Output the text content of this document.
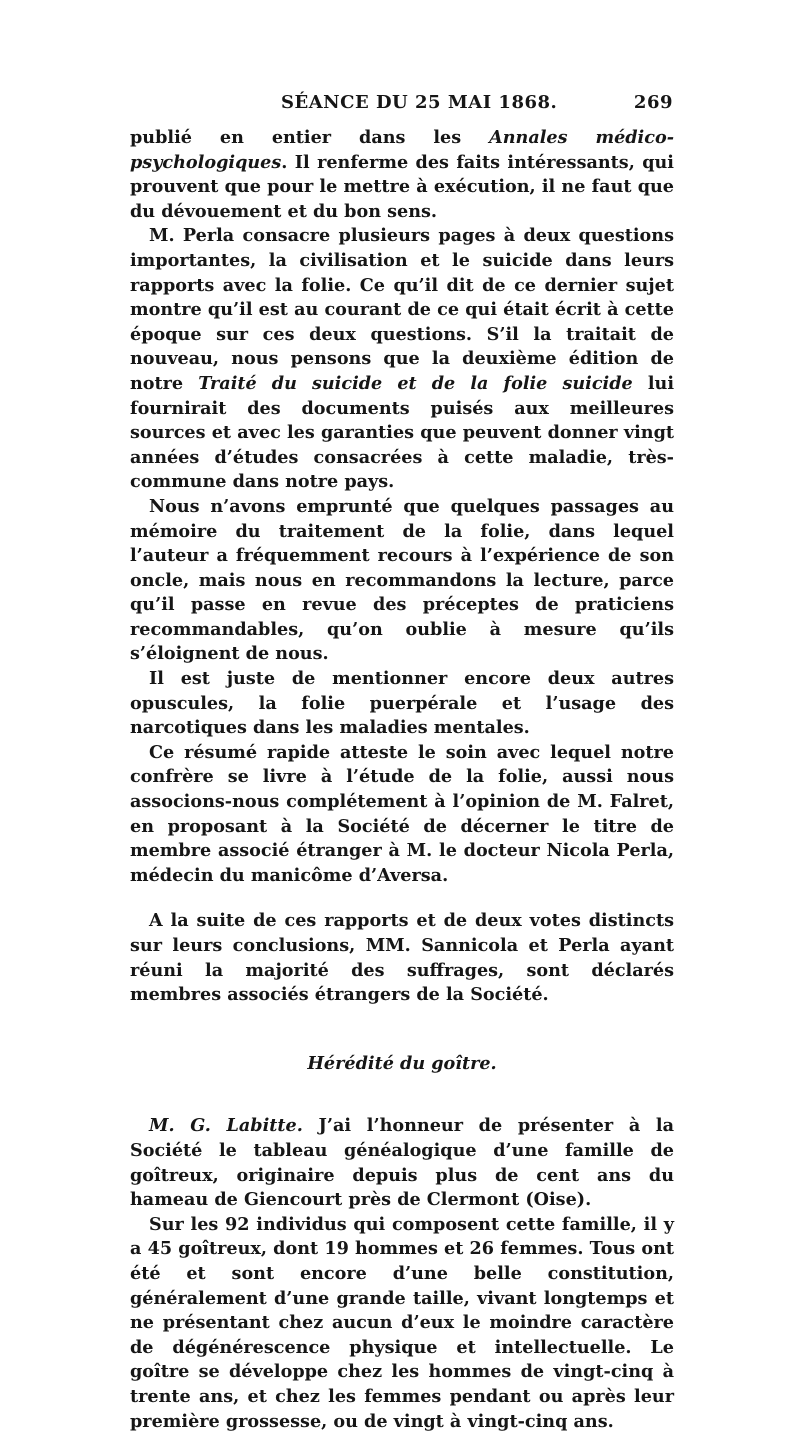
SÉANCE DU 25 MAI 1868.	269

publié en entier dans les Annales médico-psychologiques. Il renferme des faits intéressants, qui prouvent que pour le mettre à exécution, il ne faut que du dévouement et du bon sens.

M. Perla consacre plusieurs pages à deux questions importantes, la civilisation et le suicide dans leurs rapports avec la folie. Ce qu’il dit de ce dernier sujet montre qu’il est au courant de ce qui était écrit à cette époque sur ces deux questions. S’il la traitait de nouveau, nous pensons que la deuxième édition de notre Traité du suicide et de la folie suicide lui fournirait des documents puisés aux meilleures sources et avec les garanties que peuvent donner vingt années d’études consacrées à cette maladie, très-commune dans notre pays.

Nous n’avons emprunté que quelques passages au mémoire du traitement de la folie, dans lequel l’auteur a fréquemment recours à l’expérience de son oncle, mais nous en recommandons la lecture, parce qu’il passe en revue des préceptes de praticiens recommandables, qu’on oublie à mesure qu’ils s’éloignent de nous.

Il est juste de mentionner encore deux autres opuscules, la folie puerpérale et l’usage des narcotiques dans les maladies mentales.

Ce résumé rapide atteste le soin avec lequel notre confrère se livre à l’étude de la folie, aussi nous associons-nous complétement à l’opinion de M. Falret, en proposant à la Société de décerner le titre de membre associé étranger à M. le docteur Nicola Perla, médecin du manicôme d’Aversa.

A la suite de ces rapports et de deux votes distincts sur leurs conclusions, MM. Sannicola et Perla ayant réuni la majorité des suffrages, sont déclarés membres associés étrangers de la Société.

Hérédité du goître.

M. G. Labitte. J’ai l’honneur de présenter à la Société le tableau généalogique d’une famille de goîtreux, originaire depuis plus de cent ans du hameau de Giencourt près de Clermont (Oise).

Sur les 92 individus qui composent cette famille, il y a 45 goîtreux, dont 19 hommes et 26 femmes. Tous ont été et sont encore d’une belle constitution, généralement d’une grande taille, vivant longtemps et ne présentant chez aucun d’eux le moindre caractère de dégénérescence physique et intellectuelle. Le goître se développe chez les hommes de vingt-cinq à trente ans, et chez les femmes pendant ou après leur première grossesse, ou de vingt à vingt-cinq ans.
